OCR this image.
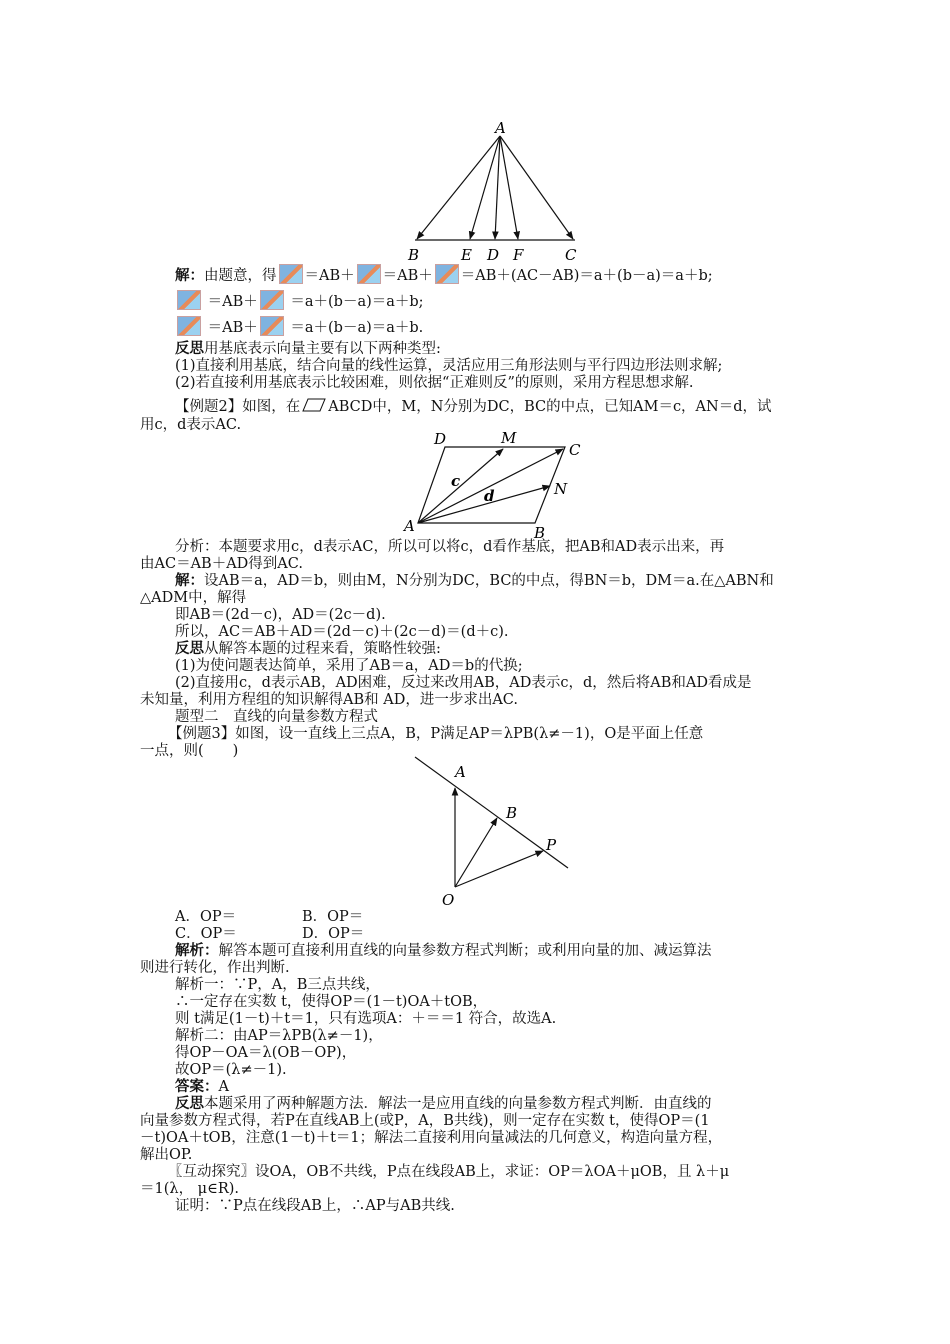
A
B	E D F	C
解：由题意，得 ＝AB＋ ＝AB＋ ＝AB＋(AC－AB)＝a＋(b－a)＝a＋b;
＝AB＋ ＝a＋(b－a)＝a＋b;
＝AB＋ ＝a＋(b－a)＝a＋b.
反思用基底表示向量主要有以下两种类型:
(1)直接利用基底，结合向量的线性运算，灵活应用三角形法则与平行四边形法则求解;
(2)若直接利用基底表示比较困难，则依据“正难则反”的原则，采用方程思想求解.
【例题2】如图，在 ABCD中，M，N分别为DC，BC的中点，已知AM＝c，AN＝d，试
用c，d表示AC.
D	M
C
N
A	B
c
d
分析：本题要求用c，d表示AC，所以可以将c，d看作基底，把AB和AD表示出来，再
由AC＝AB＋AD得到AC.
解：设AB＝a，AD＝b，则由M，N分别为DC，BC的中点，得BN＝b，DM＝a.在△ABN和
△ADM中，解得
即AB＝(2d－c)，AD＝(2c－d).
所以，AC＝AB＋AD＝(2d－c)＋(2c－d)＝(d＋c).
反思从解答本题的过程来看，策略性较强:
(1)为使问题表达简单，采用了AB＝a，AD＝b的代换;
(2)直接用c，d表示AB，AD困难，反过来改用AB，AD表示c，d，然后将AB和AD看成是
未知量，利用方程组的知识解得AB和 AD，进一步求出AC.
题型二　直线的向量参数方程式
【例题3】如图，设一直线上三点A，B，P满足AP＝λPB(λ≠－1)，O是平面上任意
一点，则(　　)
A
B
P
O
A．OP＝	B．OP＝
C．OP＝	D．OP＝
解析：解答本题可直接利用直线的向量参数方程式判断；或利用向量的加、减运算法
则进行转化，作出判断.
解析一：∵P，A，B三点共线，
∴一定存在实数 t，使得OP＝(1－t)OA＋tOB，
则 t满足(1－t)＋t＝1，只有选项A：＋＝＝1 符合，故选A.
解析二：由AP＝λPB(λ≠－1)，
得OP－OA＝λ(OB－OP)，
故OP＝(λ≠－1).
答案：A
反思本题采用了两种解题方法．解法一是应用直线的向量参数方程式判断．由直线的
向量参数方程式得，若P在直线AB上(或P，A，B共线)，则一定存在实数 t，使得OP＝(1
－t)OA＋tOB，注意(1－t)＋t＝1；解法二直接利用向量减法的几何意义，构造向量方程，
解出OP.
〖互动探究〗设OA，OB不共线，P点在线段AB上，求证：OP＝λOA＋μOB，且 λ＋μ
＝1(λ， μ∈R).
证明：∵P点在线段AB上，∴AP与AB共线.
